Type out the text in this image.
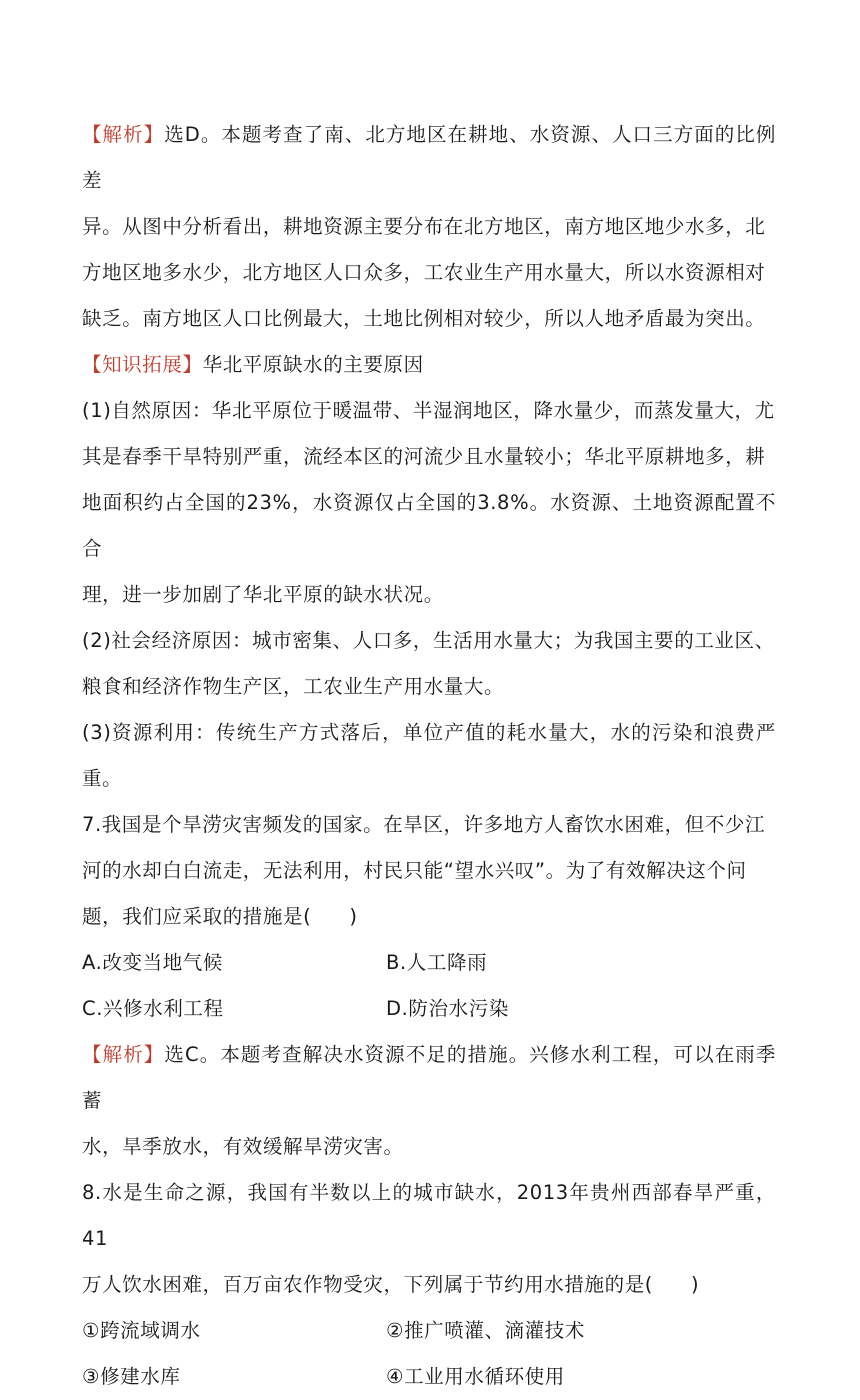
【解析】选D。本题考查了南、北方地区在耕地、水资源、人口三方面的比例差
异。从图中分析看出，耕地资源主要分布在北方地区，南方地区地少水多，北
方地区地多水少，北方地区人口众多，工农业生产用水量大，所以水资源相对
缺乏。南方地区人口比例最大，土地比例相对较少，所以人地矛盾最为突出。

【知识拓展】华北平原缺水的主要原因
(1)自然原因：华北平原位于暖温带、半湿润地区，降水量少，而蒸发量大，尤
其是春季干旱特别严重，流经本区的河流少且水量较小；华北平原耕地多，耕
地面积约占全国的23%，水资源仅占全国的3.8%。水资源、土地资源配置不合
理，进一步加剧了华北平原的缺水状况。
(2)社会经济原因：城市密集、人口多，生活用水量大；为我国主要的工业区、
粮食和经济作物生产区，工农业生产用水量大。
(3)资源利用：传统生产方式落后，单位产值的耗水量大，水的污染和浪费严重。

7.我国是个旱涝灾害频发的国家。在旱区，许多地方人畜饮水困难，但不少江
河的水却白白流走，无法利用，村民只能“望水兴叹”。为了有效解决这个问
题，我们应采取的措施是( )

A.改变当地气候	B.人工降雨
C.兴修水利工程	D.防治水污染

【解析】选C。本题考查解决水资源不足的措施。兴修水利工程，可以在雨季蓄
水，旱季放水，有效缓解旱涝灾害。

8.水是生命之源，我国有半数以上的城市缺水，2013年贵州西部春旱严重，41
万人饮水困难，百万亩农作物受灾，下列属于节约用水措施的是( )

①跨流域调水	②推广喷灌、滴灌技术
③修建水库	④工业用水循环使用
